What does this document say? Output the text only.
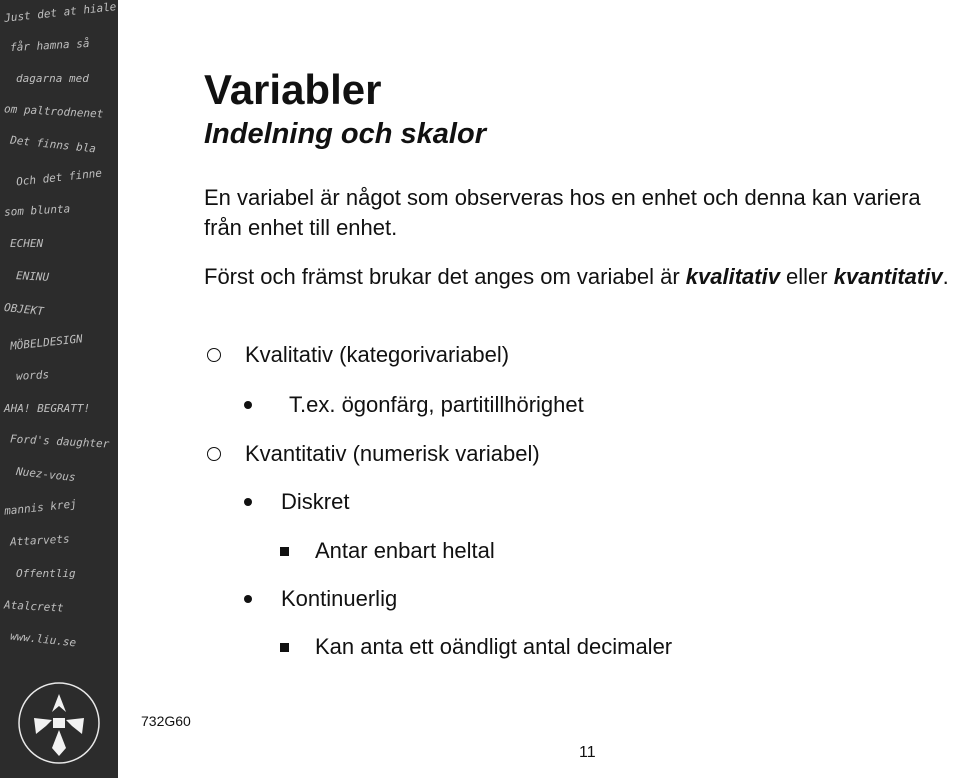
Just det at hiale
får hamna så
dagarna med
om paltrodnenet
Det finns bla
Och det finne
som blunta
ECHEN
ENINU
OBJEKT
MÖBELDESIGN
words
AHA! BEGRATT!
Ford's daughter
Nuez-vous
mannis krej
Attarvets
Offentlig
Atalcrett
www.liu.se
Variabler
Indelning och skalor

En variabel är något som observeras hos en enhet och denna kan variera från enhet till enhet.

Först och främst brukar det anges om variabel är kvalitativ eller kvantitativ.

Kvalitativ (kategorivariabel)
T.ex. ögonfärg, partitillhörighet
Kvantitativ (numerisk variabel)
Diskret
Antar enbart heltal
Kontinuerlig
Kan anta ett oändligt antal decimaler
732G60
11
